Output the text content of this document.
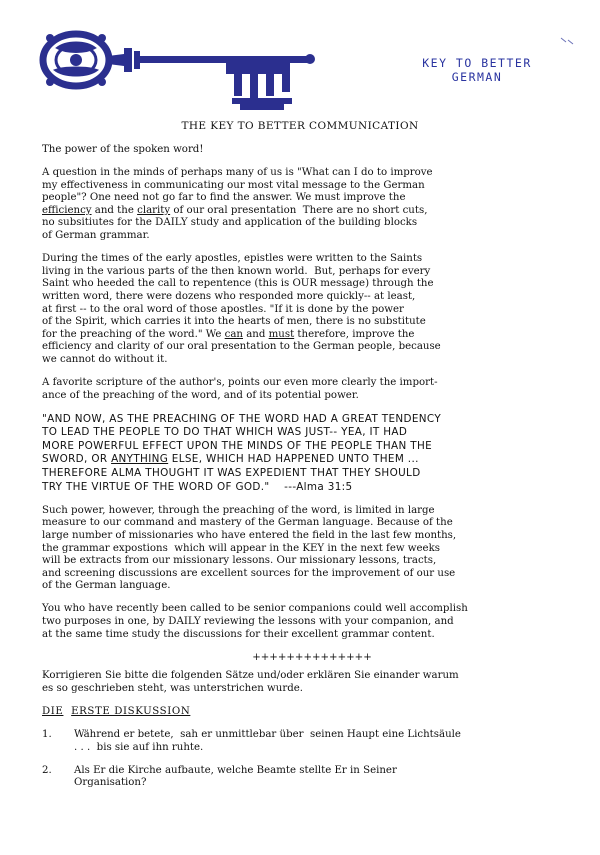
KEY TO BETTER
GERMAN
THE KEY TO BETTER COMMUNICATION
The power of the spoken word!
A question in the minds of perhaps many of us is "What can I do to improve
my effectiveness in communicating our most vital message to the German
people"? One need not go far to find the answer. We must improve the
efficiency and the clarity of our oral presentation  There are no short cuts,
no subsitiutes for the DAILY study and application of the building blocks
of German grammar.
During the times of the early apostles, epistles were written to the Saints
living in the various parts of the then known world.  But, perhaps for every
Saint who heeded the call to repentence (this is OUR message) through the
written word, there were dozens who responded more quickly-- at least,
at first -- to the oral word of those apostles. "If it is done by the power
of the Spirit, which carries it into the hearts of men, there is no substitute
for the preaching of the word." We can and must therefore, improve the
efficiency and clarity of our oral presentation to the German people, because
we cannot do without it.
A favorite scripture of the author's, points our even more clearly the import-
ance of the preaching of the word, and of its potential power.
"AND NOW, AS THE PREACHING OF THE WORD HAD A GREAT TENDENCY
TO LEAD THE PEOPLE TO DO THAT WHICH WAS JUST-- YEA, IT HAD
MORE POWERFUL EFFECT UPON THE MINDS OF THE PEOPLE THAN THE
SWORD, OR ANYTHING ELSE, WHICH HAD HAPPENED UNTO THEM ...
THEREFORE ALMA THOUGHT IT WAS EXPEDIENT THAT THEY SHOULD
TRY THE VIRTUE OF THE WORD OF GOD."    ---Alma 31:5
Such power, however, through the preaching of the word, is limited in large
measure to our command and mastery of the German language. Because of the
large number of missionaries who have entered the field in the last few months,
the grammar expostions  which will appear in the KEY in the next few weeks
will be extracts from our missionary lessons. Our missionary lessons, tracts,
and screening discussions are excellent sources for the improvement of our use
of the German language.
You who have recently been called to be senior companions could well accomplish
two purposes in one, by DAILY reviewing the lessons with your companion, and
at the same time study the discussions for their excellent grammar content.
++++++++++++++
Korrigieren Sie bitte die folgenden Sätze und/oder erklären Sie einander warum
es so geschrieben steht, was unterstrichen wurde.
DIE ERSTE DISKUSSION
1. Während er betete,  sah er unmittlebar über  seinen Haupt eine Lichtsäule
. . .  bis sie auf ihn ruhte.
2. Als Er die Kirche aufbaute, welche Beamte stellte Er in Seiner
Organisation?
